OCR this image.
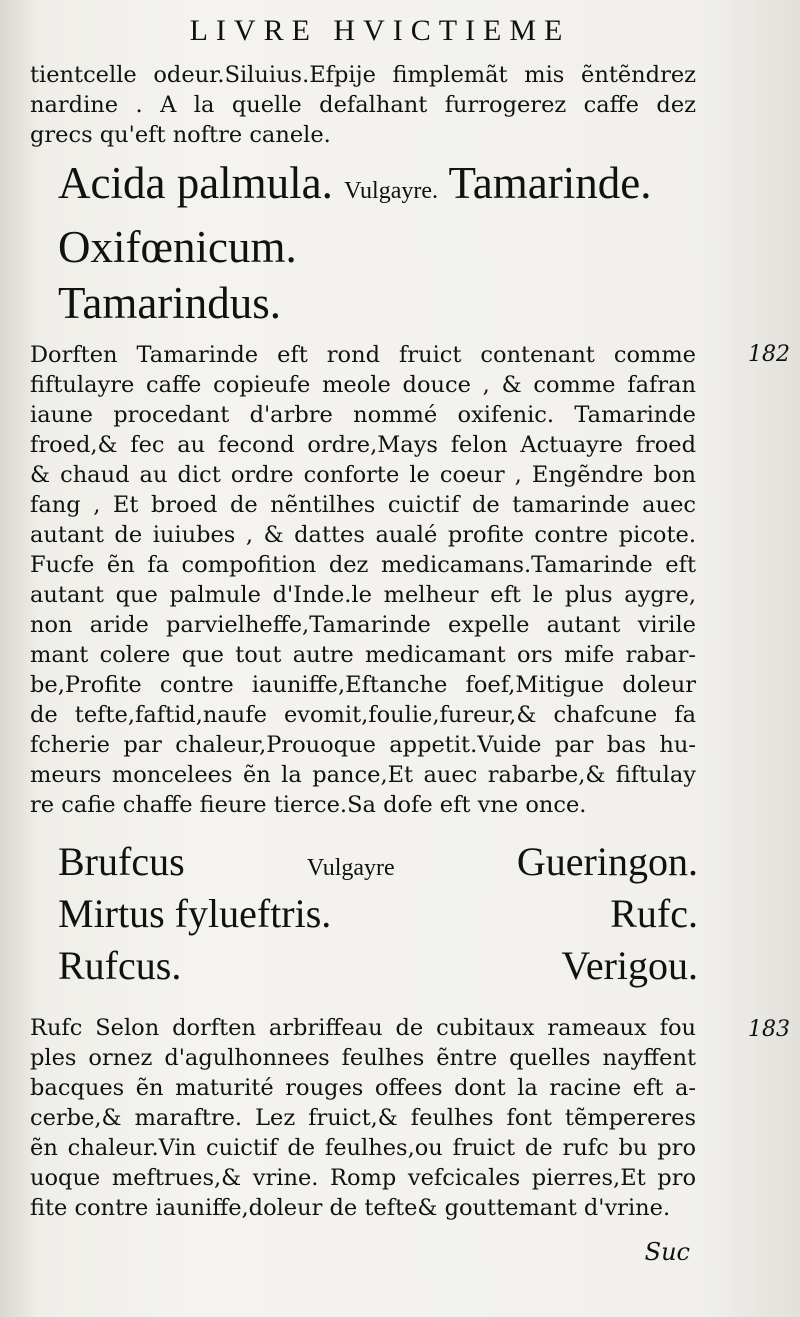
LIVRE HVICTIEME
tientcelle odeur.Siluius.Efpije fimplemãt mis ẽntẽndrez
nardine . A la quelle defalhant furrogerez caffe dez
grecs qu'eft noftre canele.
Acida palmula. Vulgayre. Tamarinde.
Oxifœnicum.
Tamarindus.
182
Dorften Tamarinde eft rond fruict contenant comme
fiftulayre caffe copieufe meole douce , & comme fafran
iaune procedant d'arbre nommé oxifenic. Tamarinde
froed,& fec au fecond ordre,Mays felon Actuayre froed
& chaud au dict ordre conforte le coeur , Engẽndre bon
fang , Et broed de nẽntilhes cuictif de tamarinde auec
autant de iuiubes , & dattes aualé profite contre picote.
Fucfe ẽn fa compofition dez medicamans.Tamarinde eft
autant que palmule d'Inde.le melheur eft le plus aygre,
non aride parvielheffe,Tamarinde expelle autant virile
mant colere que tout autre medicamant ors mife rabar-
be,Profite contre iauniffe,Eftanche foef,Mitigue doleur
de tefte,faftid,naufe evomit,foulie,fureur,& chafcune fa
fcherie par chaleur,Prouoque appetit.Vuide par bas hu-
meurs moncelees ẽn la pance,Et auec rabarbe,& fiftulay
re cafie chaffe fieure tierce.Sa dofe eft vne once.
Brufcus	Vulgayre	Gueringon.
Mirtus fylueftris.	Rufc.
Rufcus.	Verigou.
183
Rufc Selon dorften arbriffeau de cubitaux rameaux fou
ples ornez d'agulhonnees feulhes ẽntre quelles nayffent
bacques ẽn maturité rouges offees dont la racine eft a-
cerbe,& maraftre. Lez fruict,& feulhes font tẽmpereres
ẽn chaleur.Vin cuictif de feulhes,ou fruict de rufc bu pro
uoque meftrues,& vrine. Romp vefcicales pierres,Et pro
fite contre iauniffe,doleur de tefte& gouttemant d'vrine.
Suc
